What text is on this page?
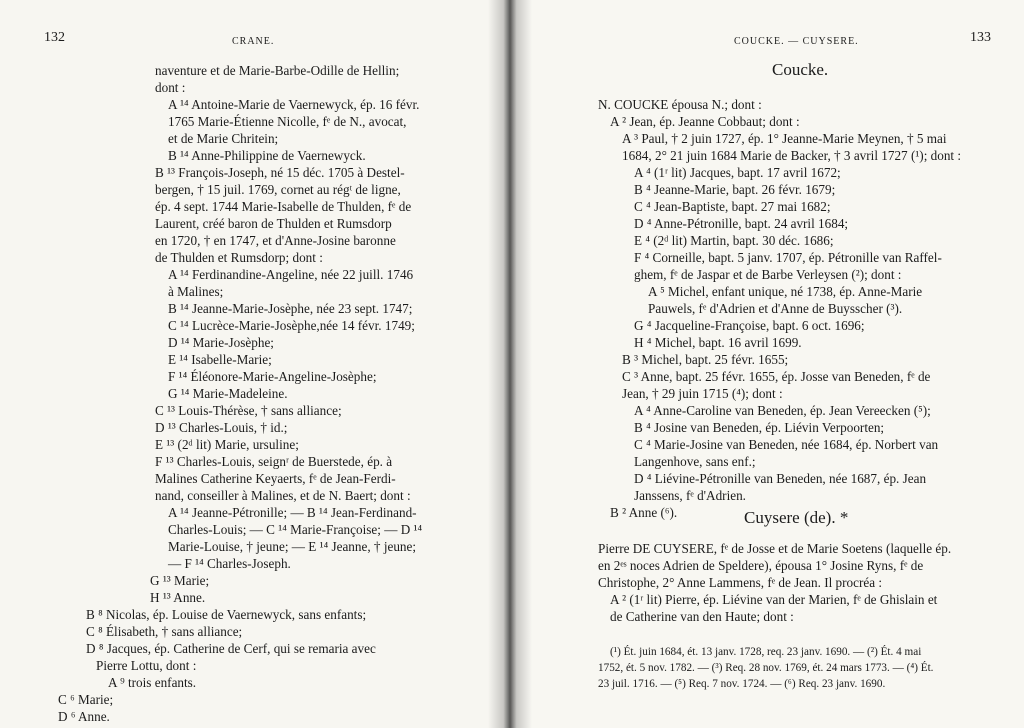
132	CRANE.
naventure et de Marie-Barbe-Odille de Hellin;
dont :
A ¹⁴ Antoine-Marie de Vaernewyck, ép. 16 févr.
1765 Marie-Étienne Nicolle, fᵉ de N., avocat,
et de Marie Chritein;
B ¹⁴ Anne-Philippine de Vaernewyck.
B ¹³ François-Joseph, né 15 déc. 1705 à Destel-
bergen, † 15 juil. 1769, cornet au régᵗ de ligne,
ép. 4 sept. 1744 Marie-Isabelle de Thulden, fᵉ de
Laurent, créé baron de Thulden et Rumsdorp
en 1720, † en 1747, et d'Anne-Josine baronne
de Thulden et Rumsdorp; dont :
A ¹⁴ Ferdinandine-Angeline, née 22 juill. 1746
à Malines;
B ¹⁴ Jeanne-Marie-Josèphe, née 23 sept. 1747;
C ¹⁴ Lucrèce-Marie-Josèphe,née 14 févr. 1749;
D ¹⁴ Marie-Josèphe;
E ¹⁴ Isabelle-Marie;
F ¹⁴ Éléonore-Marie-Angeline-Josèphe;
G ¹⁴ Marie-Madeleine.
C ¹³ Louis-Thérèse, † sans alliance;
D ¹³ Charles-Louis, † id.;
E ¹³ (2ᵈ lit) Marie, ursuline;
F ¹³ Charles-Louis, seignʳ de Buerstede, ép. à
Malines Catherine Keyaerts, fᵉ de Jean-Ferdi-
nand, conseiller à Malines, et de N. Baert; dont :
A ¹⁴ Jeanne-Pétronille; — B ¹⁴ Jean-Ferdinand-
Charles-Louis; — C ¹⁴ Marie-Françoise; — D ¹⁴
Marie-Louise, † jeune; — E ¹⁴ Jeanne, † jeune;
— F ¹⁴ Charles-Joseph.
G ¹³ Marie;
H ¹³ Anne.
B ⁸ Nicolas, ép. Louise de Vaernewyck, sans enfants;
C ⁸ Élisabeth, † sans alliance;
D ⁸ Jacques, ép. Catherine de Cerf, qui se remaria avec
Pierre Lottu, dont :
A ⁹ trois enfants.
C ⁶ Marie;
D ⁶ Anne.
133
COUCKE. — CUYSERE.
Coucke.
N. COUCKE épousa N.; dont :
A ² Jean, ép. Jeanne Cobbaut; dont :
A ³ Paul, † 2 juin 1727, ép. 1° Jeanne-Marie Meynen, † 5 mai
1684, 2° 21 juin 1684 Marie de Backer, † 3 avril 1727 (¹); dont :
A ⁴ (1ʳ lit) Jacques, bapt. 17 avril 1672;
B ⁴ Jeanne-Marie, bapt. 26 févr. 1679;
C ⁴ Jean-Baptiste, bapt. 27 mai 1682;
D ⁴ Anne-Pétronille, bapt. 24 avril 1684;
E ⁴ (2ᵈ lit) Martin, bapt. 30 déc. 1686;
F ⁴ Corneille, bapt. 5 janv. 1707, ép. Pétronille van Raffel-
ghem, fᵉ de Jaspar et de Barbe Verleysen (²); dont :
A ⁵ Michel, enfant unique, né 1738, ép. Anne-Marie
Pauwels, fᵉ d'Adrien et d'Anne de Buysscher (³).
G ⁴ Jacqueline-Françoise, bapt. 6 oct. 1696;
H ⁴ Michel, bapt. 16 avril 1699.
B ³ Michel, bapt. 25 févr. 1655;
C ³ Anne, bapt. 25 févr. 1655, ép. Josse van Beneden, fᵉ de
Jean, † 29 juin 1715 (⁴); dont :
A ⁴ Anne-Caroline van Beneden, ép. Jean Vereecken (⁵);
B ⁴ Josine van Beneden, ép. Liévin Verpoorten;
C ⁴ Marie-Josine van Beneden, née 1684, ép. Norbert van
Langenhove, sans enf.;
D ⁴ Liévine-Pétronille van Beneden, née 1687, ép. Jean
Janssens, fᵉ d'Adrien.
B ² Anne (⁶).	Cuysere (de). *
Pierre DE CUYSERE, fᵉ de Josse et de Marie Soetens (laquelle ép.
en 2ᵉˢ noces Adrien de Speldere), épousa 1° Josine Ryns, fᵉ de
Christophe, 2° Anne Lammens, fᵉ de Jean. Il procréa :
A ² (1ʳ lit) Pierre, ép. Liévine van der Marien, fᵉ de Ghislain et
de Catherine van den Haute; dont :
(¹) Ét. juin 1684, ét. 13 janv. 1728, req. 23 janv. 1690. — (²) Ét. 4 mai
1752, ét. 5 nov. 1782. — (³) Req. 28 nov. 1769, ét. 24 mars 1773. — (⁴) Ét.
23 juil. 1716. — (⁵) Req. 7 nov. 1724. — (⁶) Req. 23 janv. 1690.
